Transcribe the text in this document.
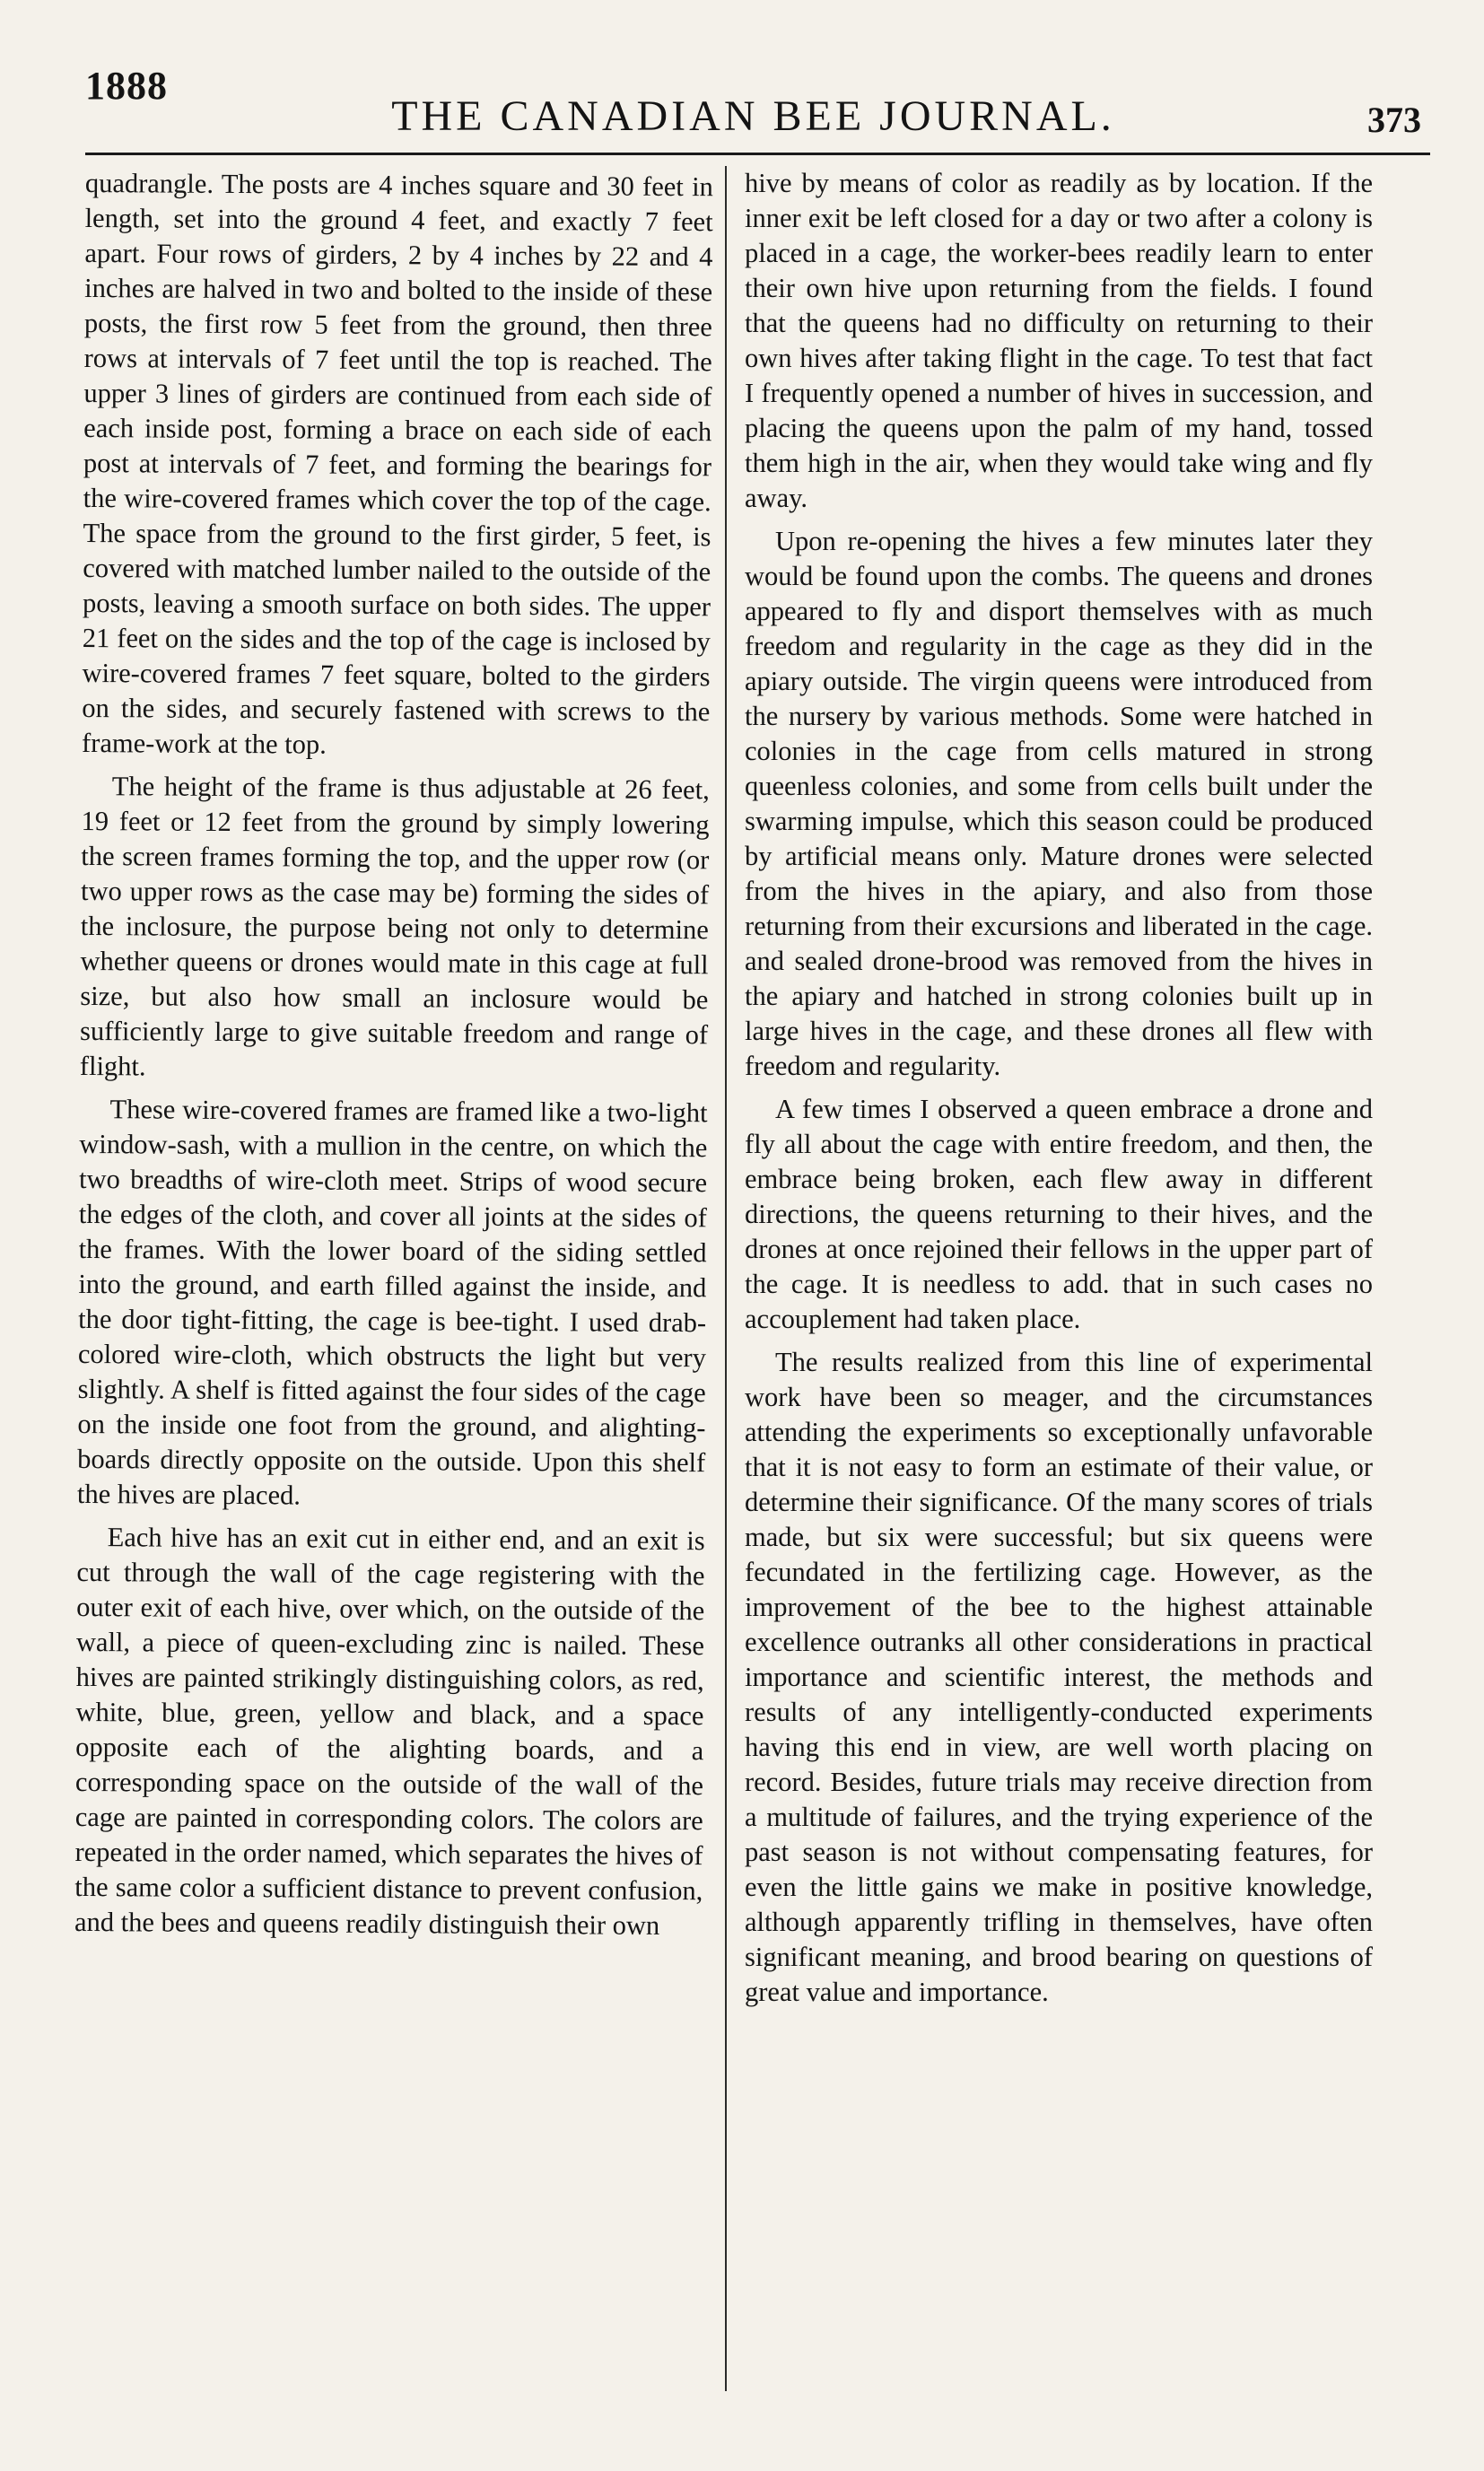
1888
THE CANADIAN BEE JOURNAL.	373

quadrangle. The posts are 4 inches square and 30 feet in length, set into the ground 4 feet, and exactly 7 feet apart. Four rows of girders, 2 by 4 inches by 22 and 4 inches are halved in two and bolted to the inside of these posts, the first row 5 feet from the ground, then three rows at intervals of 7 feet until the top is reached. The upper 3 lines of girders are continued from each side of each inside post, forming a brace on each side of each post at intervals of 7 feet, and forming the bearings for the wire-covered frames which cover the top of the cage. The space from the ground to the first girder, 5 feet, is covered with matched lumber nailed to the outside of the posts, leaving a smooth surface on both sides. The upper 21 feet on the sides and the top of the cage is inclosed by wire-covered frames 7 feet square, bolted to the girders on the sides, and securely fastened with screws to the frame-work at the top.

The height of the frame is thus adjustable at 26 feet, 19 feet or 12 feet from the ground by simply lowering the screen frames forming the top, and the upper row (or two upper rows as the case may be) forming the sides of the inclosure, the purpose being not only to determine whether queens or drones would mate in this cage at full size, but also how small an inclosure would be sufficiently large to give suitable freedom and range of flight.

These wire-covered frames are framed like a two-light window-sash, with a mullion in the centre, on which the two breadths of wire-cloth meet. Strips of wood secure the edges of the cloth, and cover all joints at the sides of the frames. With the lower board of the siding settled into the ground, and earth filled against the inside, and the door tight-fitting, the cage is bee-tight. I used drab-colored wire-cloth, which obstructs the light but very slightly. A shelf is fitted against the four sides of the cage on the inside one foot from the ground, and alighting-boards directly opposite on the outside. Upon this shelf the hives are placed.

Each hive has an exit cut in either end, and an exit is cut through the wall of the cage registering with the outer exit of each hive, over which, on the outside of the wall, a piece of queen-excluding zinc is nailed. These hives are painted strikingly distinguishing colors, as red, white, blue, green, yellow and black, and a space opposite each of the alighting boards, and a corresponding space on the outside of the wall of the cage are painted in corresponding colors. The colors are repeated in the order named, which separates the hives of the same color a sufficient distance to prevent confusion, and the bees and queens readily distinguish their own

hive by means of color as readily as by location. If the inner exit be left closed for a day or two after a colony is placed in a cage, the worker-bees readily learn to enter their own hive upon returning from the fields. I found that the queens had no difficulty on returning to their own hives after taking flight in the cage. To test that fact I frequently opened a number of hives in succession, and placing the queens upon the palm of my hand, tossed them high in the air, when they would take wing and fly away.

Upon re-opening the hives a few minutes later they would be found upon the combs. The queens and drones appeared to fly and disport themselves with as much freedom and regularity in the cage as they did in the apiary outside. The virgin queens were introduced from the nursery by various methods. Some were hatched in colonies in the cage from cells matured in strong queenless colonies, and some from cells built under the swarming impulse, which this season could be produced by artificial means only. Mature drones were selected from the hives in the apiary, and also from those returning from their excursions and liberated in the cage. and sealed drone-brood was removed from the hives in the apiary and hatched in strong colonies built up in large hives in the cage, and these drones all flew with freedom and regularity.

A few times I observed a queen embrace a drone and fly all about the cage with entire freedom, and then, the embrace being broken, each flew away in different directions, the queens returning to their hives, and the drones at once rejoined their fellows in the upper part of the cage. It is needless to add. that in such cases no accouplement had taken place.

The results realized from this line of experimental work have been so meager, and the circumstances attending the experiments so exceptionally unfavorable that it is not easy to form an estimate of their value, or determine their significance. Of the many scores of trials made, but six were successful; but six queens were fecundated in the fertilizing cage. However, as the improvement of the bee to the highest attainable excellence outranks all other considerations in practical importance and scientific interest, the methods and results of any intelligently-conducted experiments having this end in view, are well worth placing on record. Besides, future trials may receive direction from a multitude of failures, and the trying experience of the past season is not without compensating features, for even the little gains we make in positive knowledge, although apparently trifling in themselves, have often significant meaning, and brood bearing on questions of great value and importance.
